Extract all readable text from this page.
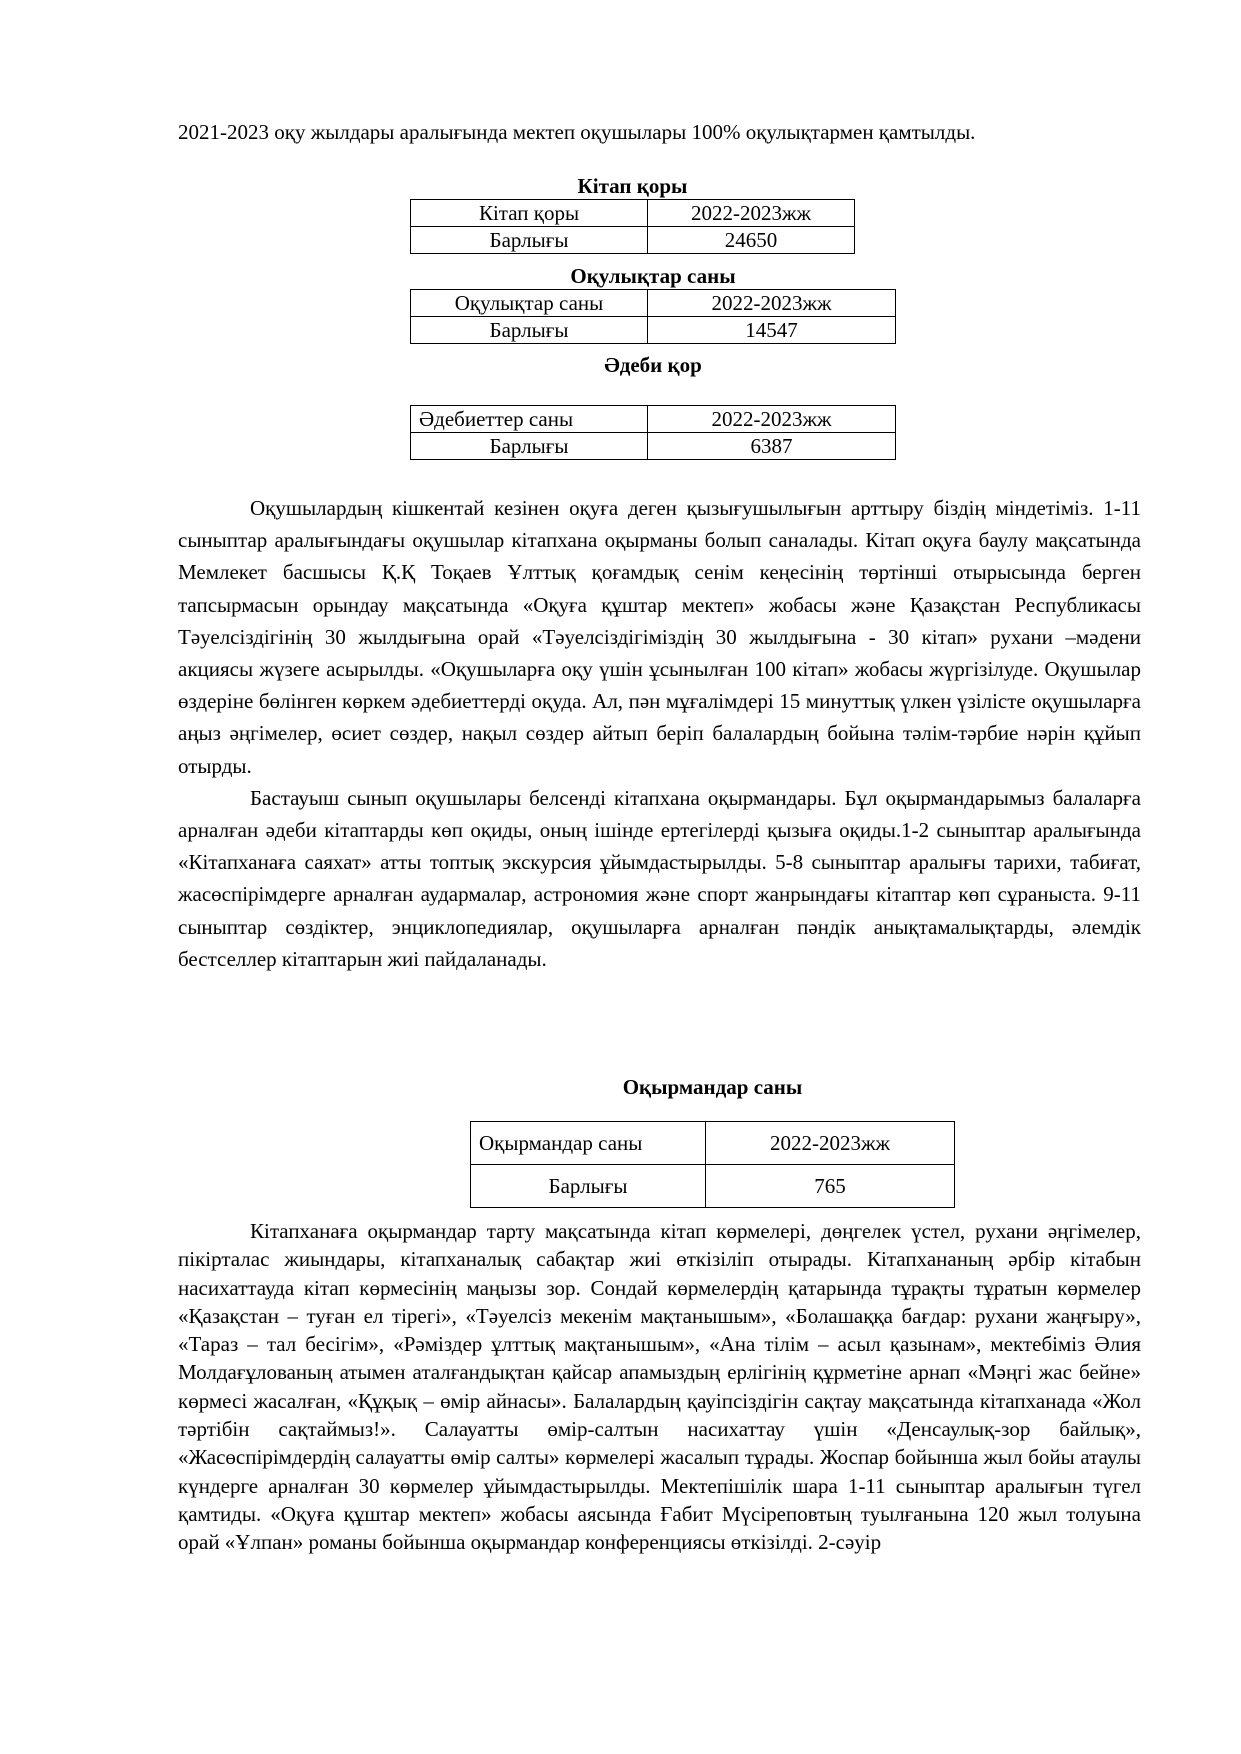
2021-2023 оқу жылдары аралығында мектеп оқушылары 100% оқулықтармен қамтылды.
Кітап қоры
Кітап қоры	2022-2023жж
Барлығы	24650
Оқулықтар саны
Оқулықтар саны	2022-2023жж
Барлығы	14547
Әдеби қор
Әдебиеттер саны	2022-2023жж
Барлығы	6387

Оқушылардың кішкентай кезінен оқуға деген қызығушылығын арттыру біздің міндетіміз. 1-11 сыныптар аралығындағы оқушылар кітапхана оқырманы болып саналады. Кітап оқуға баулу мақсатында Мемлекет басшысы Қ.Қ Тоқаев Ұлттық қоғамдық сенім кеңесінің төртінші отырысында берген тапсырмасын орындау мақсатында «Оқуға құштар мектеп» жобасы және Қазақстан Республикасы Тәуелсіздігінің 30 жылдығына орай «Тәуелсіздігіміздің 30 жылдығына - 30 кітап» рухани –мәдени акциясы жүзеге асырылды. «Оқушыларға оқу үшін ұсынылған 100 кітап» жобасы жүргізілуде. Оқушылар өздеріне бөлінген көркем әдебиеттерді оқуда. Ал, пән мұғалімдері 15 минуттық үлкен үзілісте оқушыларға аңыз әңгімелер, өсиет сөздер, нақыл сөздер айтып беріп балалардың бойына тәлім-тәрбие нәрін құйып отырды.

Бастауыш сынып оқушылары белсенді кітапхана оқырмандары. Бұл оқырмандарымыз балаларға арналған әдеби кітаптарды көп оқиды, оның ішінде ертегілерді қызыға оқиды.1-2 сыныптар аралығында «Кітапханаға саяхат» атты топтық экскурсия ұйымдастырылды. 5-8 сыныптар аралығы тарихи, табиғат, жасөспірімдерге арналған аудармалар, астрономия және спорт жанрындағы кітаптар көп сұраныста. 9-11 сыныптар сөздіктер, энциклопедиялар, оқушыларға арналған пәндік анықтамалықтарды, әлемдік бестселлер кітаптарын жиі пайдаланады.

Оқырмандар саны
Оқырмандар саны	2022-2023жж
Барлығы	765

Кітапханаға оқырмандар тарту мақсатында кітап көрмелері, дөңгелек үстел, рухани әңгімелер, пікірталас жиындары, кітапханалық сабақтар жиі өткізіліп отырады. Кітапхананың әрбір кітабын насихаттауда кітап көрмесінің маңызы зор. Сондай көрмелердің қатарында тұрақты тұратын көрмелер «Қазақстан – туған ел тірегі», «Тәуелсіз мекенім мақтанышым», «Болашаққа бағдар: рухани жаңғыру», «Тараз – тал бесігім», «Рәміздер ұлттық мақтанышым», «Ана тілім – асыл қазынам», мектебіміз Әлия Молдағұлованың атымен аталғандықтан қайсар апамыздың ерлігінің құрметіне арнап «Мәңгі жас бейне» көрмесі жасалған, «Құқық – өмір айнасы». Балалардың қауіпсіздігін сақтау мақсатында кітапханада «Жол тәртібін сақтаймыз!». Салауатты өмір-салтын насихаттау үшін «Денсаулық-зор байлық», «Жасөспірімдердің салауатты өмір салты» көрмелері жасалып тұрады. Жоспар бойынша жыл бойы атаулы күндерге арналған 30 көрмелер ұйымдастырылды. Мектепішілік шара 1-11 сыныптар аралығын түгел қамтиды. «Оқуға құштар мектеп» жобасы аясында Ғабит Мүсіреповтың туылғанына 120 жыл толуына орай «Ұлпан» романы бойынша оқырмандар конференциясы өткізілді. 2-сәуір
